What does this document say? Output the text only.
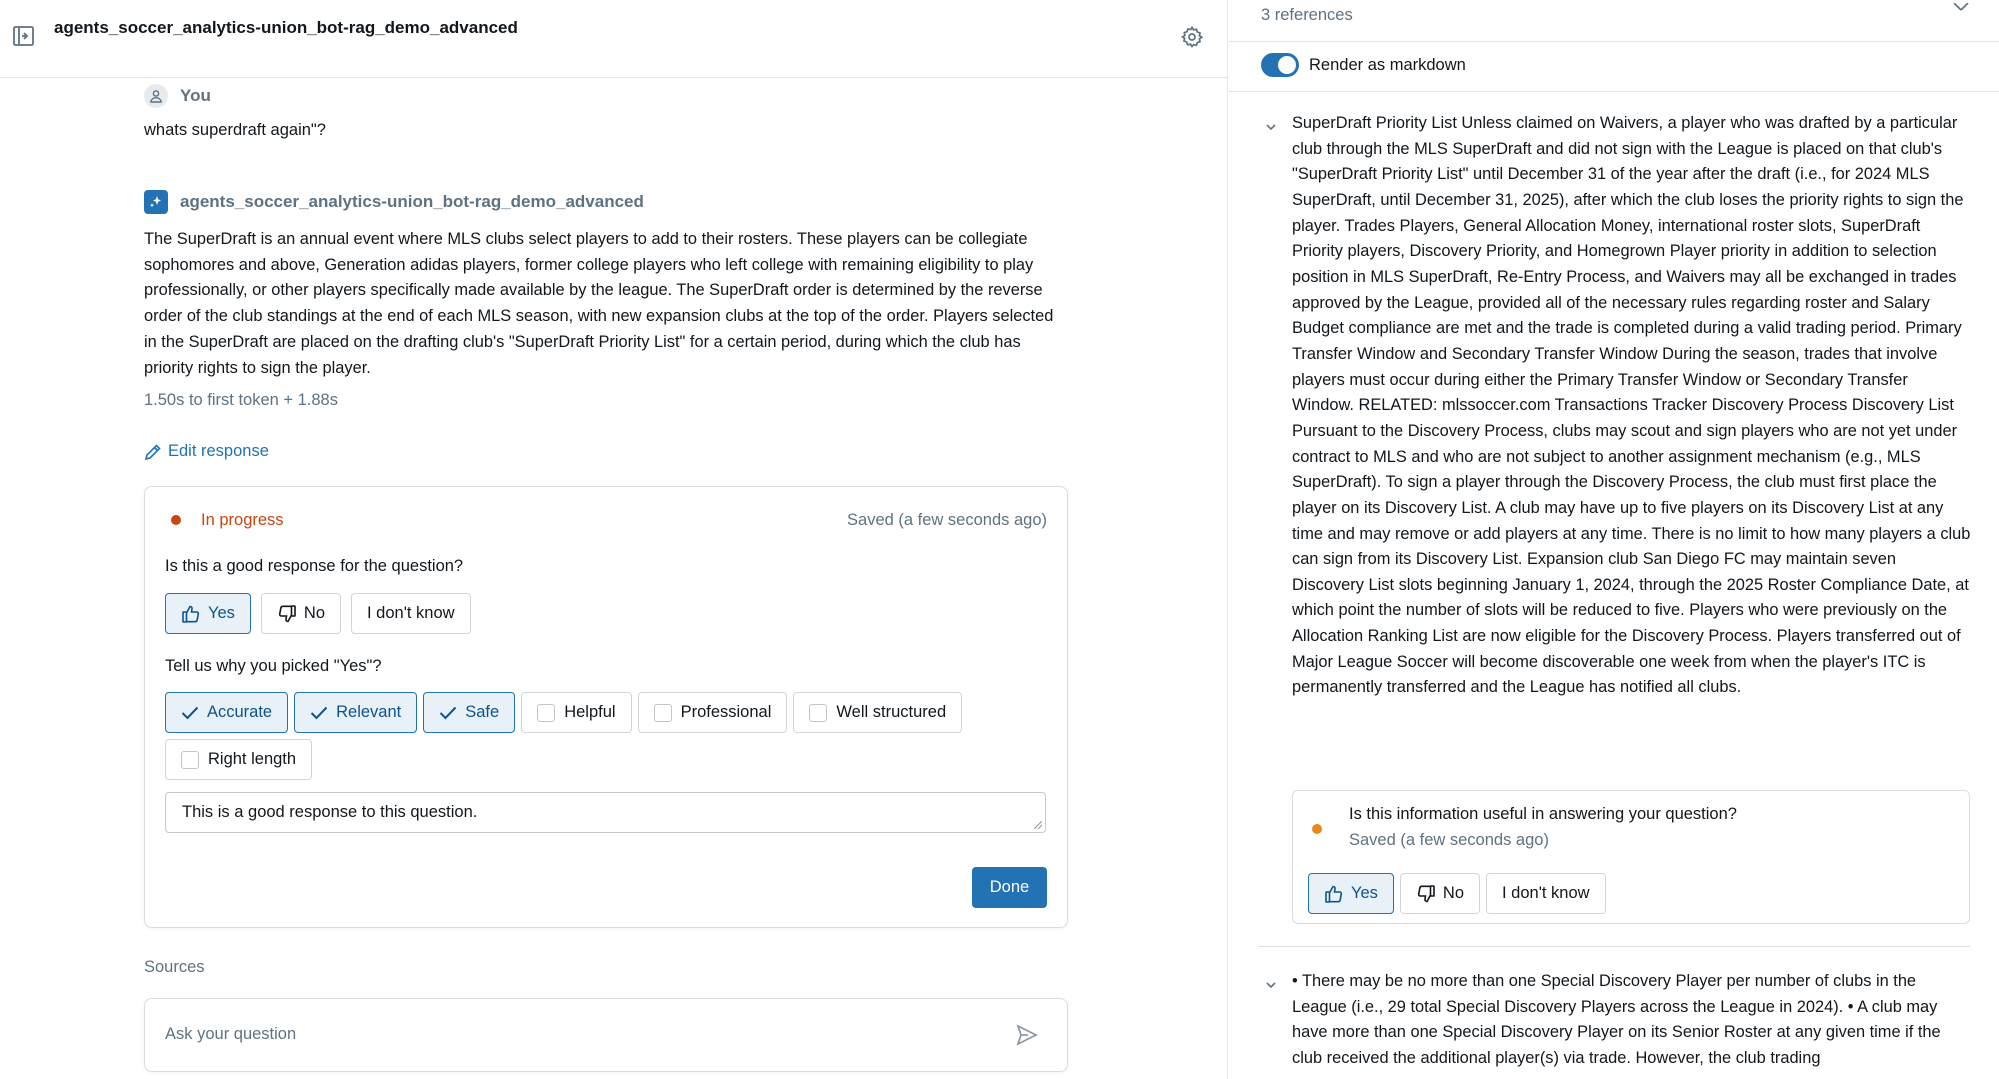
agents_soccer_analytics-union_bot-rag_demo_advanced
You
whats superdraft again"?
agents_soccer_analytics-union_bot-rag_demo_advanced
The SuperDraft is an annual event where MLS clubs select players to add to their rosters. These players can be collegiate sophomores and above, Generation adidas players, former college players who left college with remaining eligibility to play professionally, or other players specifically made available by the league. The SuperDraft order is determined by the reverse order of the club standings at the end of each MLS season, with new expansion clubs at the top of the order. Players selected in the SuperDraft are placed on the drafting club's "SuperDraft Priority List" for a certain period, during which the club has priority rights to sign the player.
1.50s to first token + 1.88s
Edit response
In progress	Saved (a few seconds ago)
Is this a good response for the question?
Yes	No	I don't know
Tell us why you picked "Yes"?
Accurate	Relevant	Safe	Helpful	Professional	Well structured
Right length
This is a good response to this question.
Done
Sources
Ask your question
3 references
Render as markdown
SuperDraft Priority List Unless claimed on Waivers, a player who was drafted by a particular club through the MLS SuperDraft and did not sign with the League is placed on that club's "SuperDraft Priority List" until December 31 of the year after the draft (i.e., for 2024 MLS SuperDraft, until December 31, 2025), after which the club loses the priority rights to sign the player. Trades Players, General Allocation Money, international roster slots, SuperDraft Priority players, Discovery Priority, and Homegrown Player priority in addition to selection position in MLS SuperDraft, Re-Entry Process, and Waivers may all be exchanged in trades approved by the League, provided all of the necessary rules regarding roster and Salary Budget compliance are met and the trade is completed during a valid trading period. Primary Transfer Window and Secondary Transfer Window During the season, trades that involve players must occur during either the Primary Transfer Window or Secondary Transfer Window. RELATED: mlssoccer.com Transactions Tracker Discovery Process Discovery List Pursuant to the Discovery Process, clubs may scout and sign players who are not yet under contract to MLS and who are not subject to another assignment mechanism (e.g., MLS SuperDraft). To sign a player through the Discovery Process, the club must first place the player on its Discovery List. A club may have up to five players on its Discovery List at any time and may remove or add players at any time. There is no limit to how many players a club can sign from its Discovery List. Expansion club San Diego FC may maintain seven Discovery List slots beginning January 1, 2024, through the 2025 Roster Compliance Date, at which point the number of slots will be reduced to five. Players who were previously on the Allocation Ranking List are now eligible for the Discovery Process. Players transferred out of Major League Soccer will become discoverable one week from when the player's ITC is permanently transferred and the League has notified all clubs.
Is this information useful in answering your question?
Saved (a few seconds ago)
Yes	No I don't know
• There may be no more than one Special Discovery Player per number of clubs in the League (i.e., 29 total Special Discovery Players across the League in 2024). • A club may have more than one Special Discovery Player on its Senior Roster at any given time if the club received the additional player(s) via trade. However, the club trading
